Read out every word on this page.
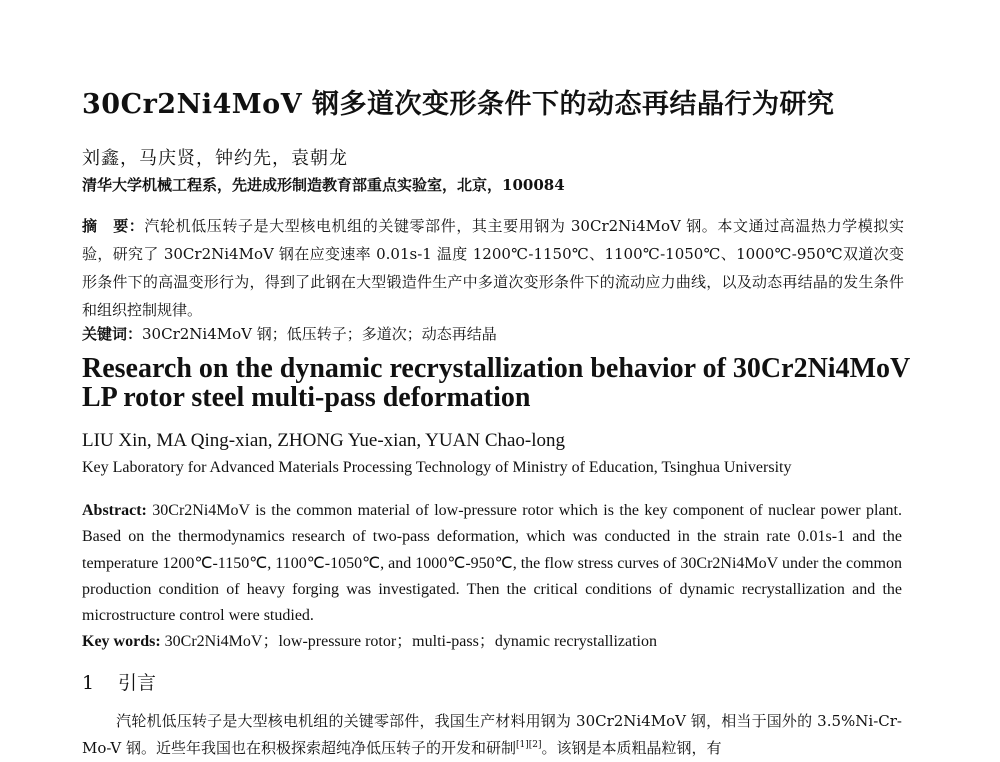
30Cr2Ni4MoV 钢多道次变形条件下的动态再结晶行为研究
刘鑫，马庆贤，钟约先，袁朝龙
清华大学机械工程系，先进成形制造教育部重点实验室，北京，100084

摘　要：汽轮机低压转子是大型核电机组的关键零部件，其主要用钢为 30Cr2Ni4MoV 钢。本文通过高温热力学模拟实验，研究了 30Cr2Ni4MoV 钢在应变速率 0.01s-1 温度 1200℃-1150℃、1100℃-1050℃、1000℃-950℃双道次变形条件下的高温变形行为，得到了此钢在大型锻造件生产中多道次变形条件下的流动应力曲线，以及动态再结晶的发生条件和组织控制规律。

关键词：30Cr2Ni4MoV 钢；低压转子；多道次；动态再结晶
Research on the dynamic recrystallization behavior of 30Cr2Ni4MoV LP rotor steel multi-pass deformation
LIU Xin, MA Qing-xian, ZHONG Yue-xian, YUAN Chao-long
Key Laboratory for Advanced Materials Processing Technology of Ministry of Education, Tsinghua University

Abstract: 30Cr2Ni4MoV is the common material of low-pressure rotor which is the key component of nuclear power plant. Based on the thermodynamics research of two-pass deformation, which was conducted in the strain rate 0.01s-1 and the temperature 1200℃-1150℃, 1100℃-1050℃, and 1000℃-950℃, the flow stress curves of 30Cr2Ni4MoV under the common production condition of heavy forging was investigated. Then the critical conditions of dynamic recrystallization and the microstructure control were studied.

Key words: 30Cr2Ni4MoV；low-pressure rotor；multi-pass；dynamic recrystallization
1 引言

汽轮机低压转子是大型核电机组的关键零部件，我国生产材料用钢为 30Cr2Ni4MoV 钢，相当于国外的 3.5%Ni-Cr-Mo-V 钢。近些年我国也在积极探索超纯净低压转子的开发和研制[1][2]。该钢是本质粗晶粒钢，有
